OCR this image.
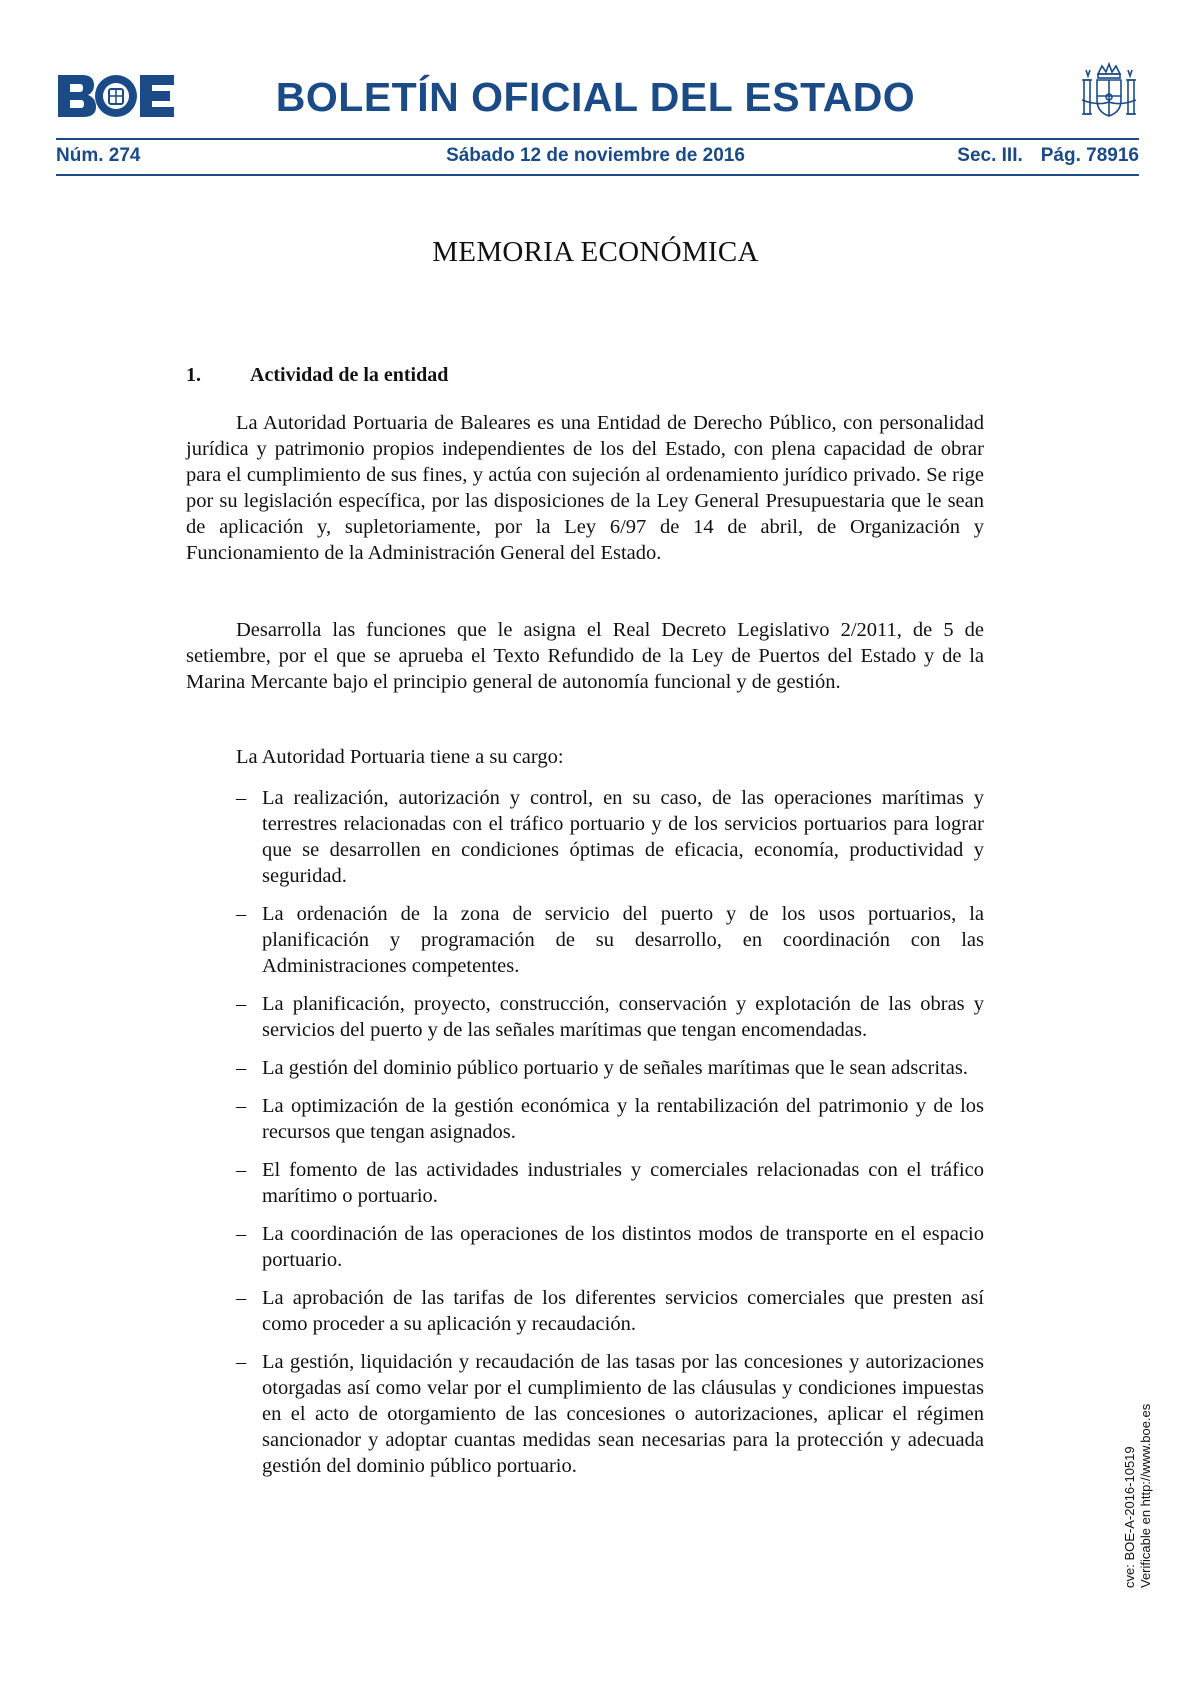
BOLETÍN OFICIAL DEL ESTADO
Núm. 274	Sábado 12 de noviembre de 2016	Sec. III. Pág. 78916
MEMORIA ECONÓMICA
1. Actividad de la entidad

La Autoridad Portuaria de Baleares es una Entidad de Derecho Público, con personalidad jurídica y patrimonio propios independientes de los del Estado, con plena capacidad de obrar para el cumplimiento de sus fines, y actúa con sujeción al ordenamiento jurídico privado. Se rige por su legislación específica, por las disposiciones de la Ley General Presupuestaria que le sean de aplicación y, supletoriamente, por la Ley 6/97 de 14 de abril, de Organización y Funcionamiento de la Administración General del Estado.

Desarrolla las funciones que le asigna el Real Decreto Legislativo 2/2011, de 5 de setiembre, por el que se aprueba el Texto Refundido de la Ley de Puertos del Estado y de la Marina Mercante bajo el principio general de autonomía funcional y de gestión.

La Autoridad Portuaria tiene a su cargo:

– La realización, autorización y control, en su caso, de las operaciones marítimas y terrestres relacionadas con el tráfico portuario y de los servicios portuarios para lograr que se desarrollen en condiciones óptimas de eficacia, economía, productividad y seguridad.
– La ordenación de la zona de servicio del puerto y de los usos portuarios, la planificación y programación de su desarrollo, en coordinación con las Administraciones competentes.
– La planificación, proyecto, construcción, conservación y explotación de las obras y servicios del puerto y de las señales marítimas que tengan encomendadas.
– La gestión del dominio público portuario y de señales marítimas que le sean adscritas.
– La optimización de la gestión económica y la rentabilización del patrimonio y de los recursos que tengan asignados.
– El fomento de las actividades industriales y comerciales relacionadas con el tráfico marítimo o portuario.
– La coordinación de las operaciones de los distintos modos de transporte en el espacio portuario.
– La aprobación de las tarifas de los diferentes servicios comerciales que presten así como proceder a su aplicación y recaudación.
– La gestión, liquidación y recaudación de las tasas por las concesiones y autorizaciones otorgadas así como velar por el cumplimiento de las cláusulas y condiciones impuestas en el acto de otorgamiento de las concesiones o autorizaciones, aplicar el régimen sancionador y adoptar cuantas medidas sean necesarias para la protección y adecuada gestión del dominio público portuario.	cve: BOE-A-2016-10519 Verificable en http://www.boe.es
